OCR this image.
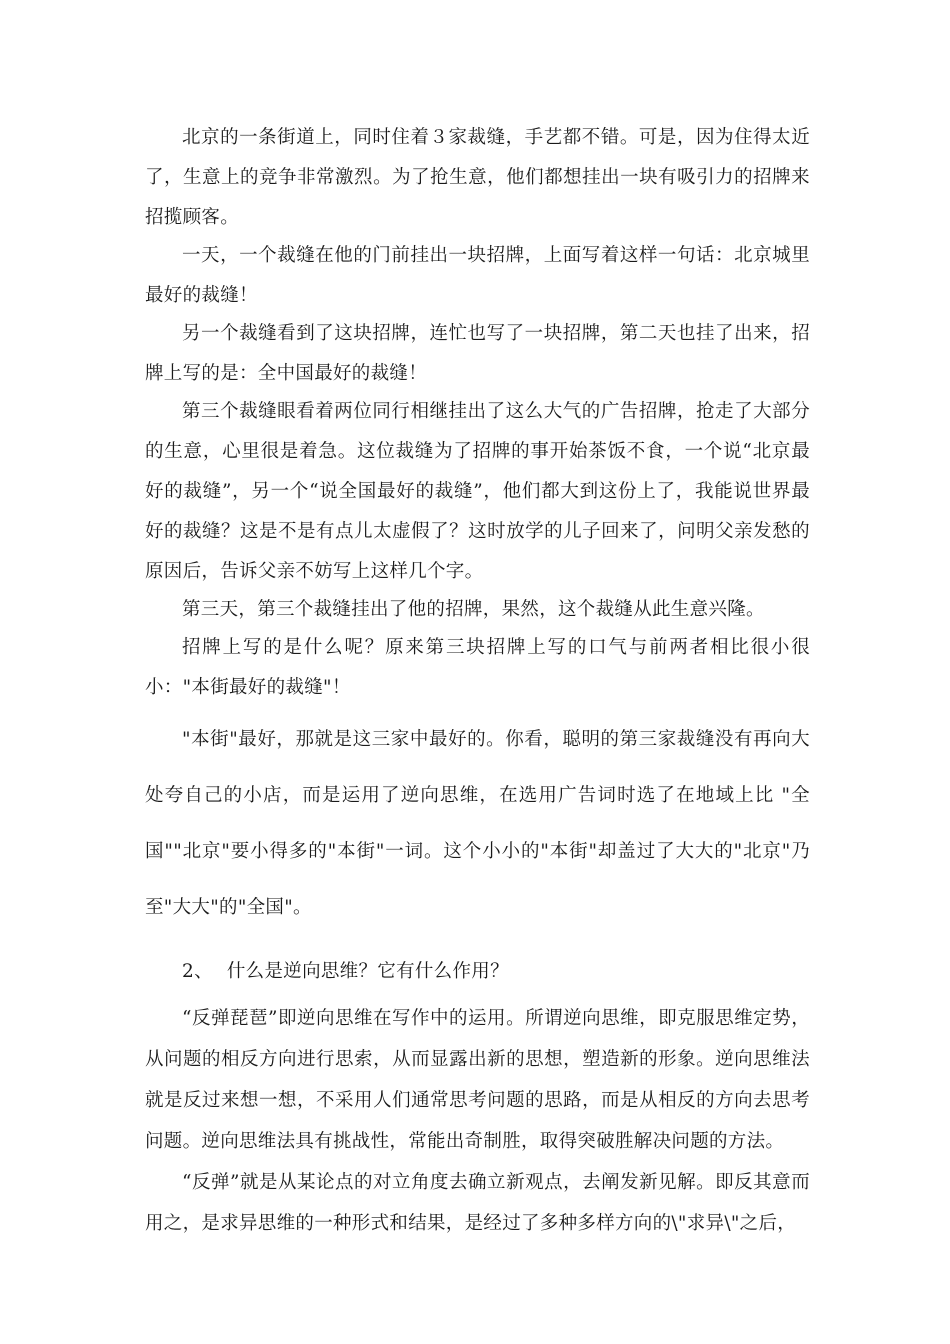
北京的一条街道上，同时住着３家裁缝，手艺都不错。可是，因为住得太近了，生意上的竞争非常激烈。为了抢生意，他们都想挂出一块有吸引力的招牌来招揽顾客。

一天，一个裁缝在他的门前挂出一块招牌，上面写着这样一句话：北京城里最好的裁缝！

另一个裁缝看到了这块招牌，连忙也写了一块招牌，第二天也挂了出来，招牌上写的是：全中国最好的裁缝！

第三个裁缝眼看着两位同行相继挂出了这么大气的广告招牌，抢走了大部分的生意，心里很是着急。这位裁缝为了招牌的事开始茶饭不食，一个说“北京最好的裁缝”，另一个“说全国最好的裁缝”，他们都大到这份上了，我能说世界最好的裁缝？这是不是有点儿太虚假了？这时放学的儿子回来了，问明父亲发愁的原因后，告诉父亲不妨写上这样几个字。

第三天，第三个裁缝挂出了他的招牌，果然，这个裁缝从此生意兴隆。

招牌上写的是什么呢？原来第三块招牌上写的口气与前两者相比很小很小："本街最好的裁缝"！

"本街"最好，那就是这三家中最好的。你看，聪明的第三家裁缝没有再向大处夸自己的小店，而是运用了逆向思维，在选用广告词时选了在地域上比 "全国""北京"要小得多的"本街"一词。这个小小的"本街"却盖过了大大的"北京"乃至"大大"的"全国"。

2、 什么是逆向思维？它有什么作用？

“反弹琵琶”即逆向思维在写作中的运用。所谓逆向思维，即克服思维定势，从问题的相反方向进行思索，从而显露出新的思想，塑造新的形象。逆向思维法就是反过来想一想，不采用人们通常思考问题的思路，而是从相反的方向去思考问题。逆向思维法具有挑战性，常能出奇制胜，取得突破胜解决问题的方法。

“反弹”就是从某论点的对立角度去确立新观点，去阐发新见解。即反其意而用之，是求异思维的一种形式和结果，是经过了多种多样方向的\"求异\"之后，
